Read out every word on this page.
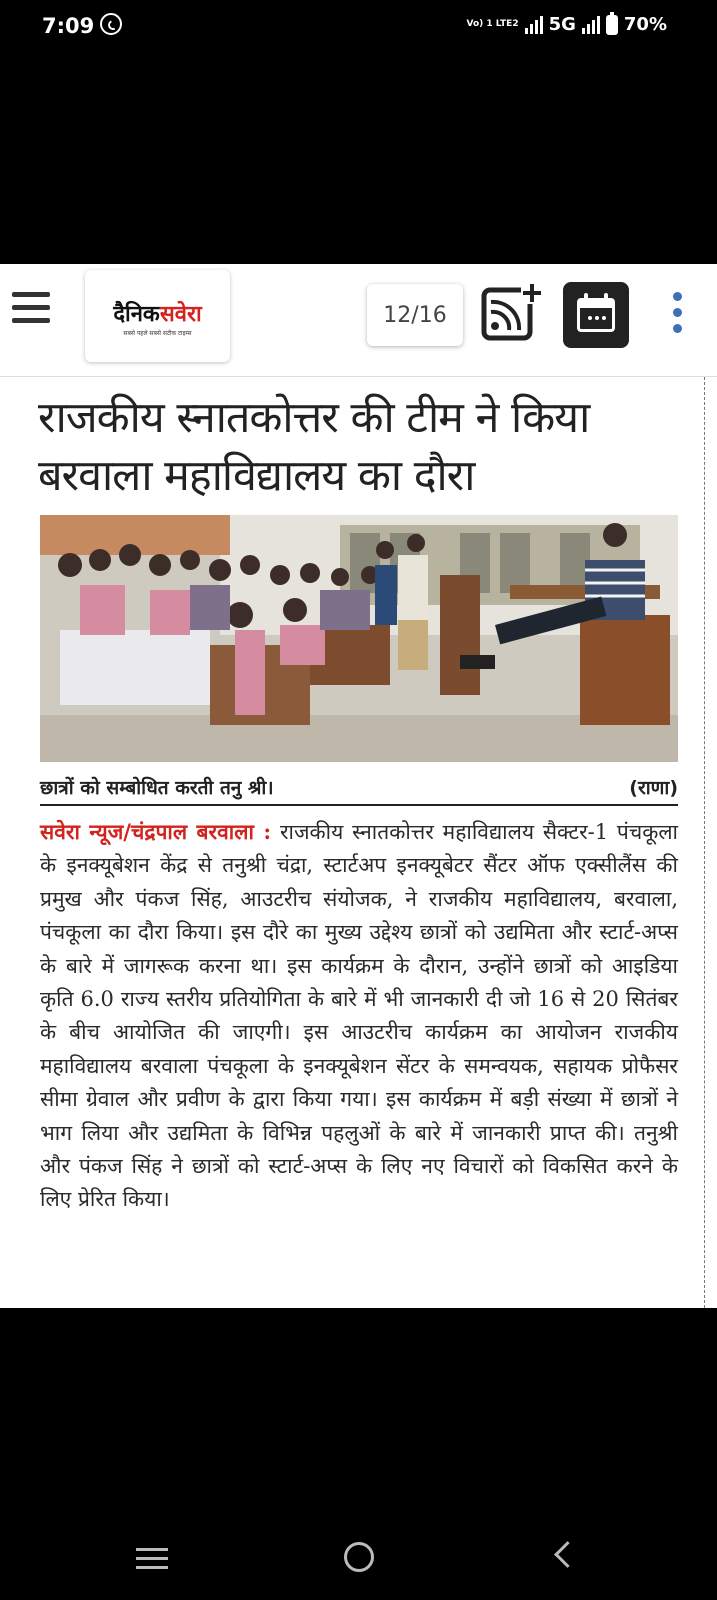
7:09	Vo) 1 LTE2 5G	70%
दैनिकसवेरा
सबसे पहले सबसे सटीक टाइम्स
12/16
राजकीय स्नातकोत्तर की टीम ने किया बरवाला महाविद्यालय का दौरा
छात्रों को सम्बोधित करती तनु श्री।	(राणा)
सवेरा न्यूज/चंद्रपाल बरवाला : राजकीय स्नातकोत्तर महाविद्यालय सैक्टर-1 पंचकूला के इनक्यूबेशन केंद्र से तनुश्री चंद्रा, स्टार्टअप इनक्यूबेटर सैंटर ऑफ एक्सीलैंस की प्रमुख और पंकज सिंह, आउटरीच संयोजक, ने राजकीय महाविद्यालय, बरवाला, पंचकूला का दौरा किया। इस दौरे का मुख्य उद्देश्य छात्रों को उद्यमिता और स्टार्ट-अप्स के बारे में जागरूक करना था। इस कार्यक्रम के दौरान, उन्होंने छात्रों को आइडिया कृति 6.0 राज्य स्तरीय प्रतियोगिता के बारे में भी जानकारी दी जो 16 से 20 सितंबर के बीच आयोजित की जाएगी। इस आउटरीच कार्यक्रम का आयोजन राजकीय महाविद्यालय बरवाला पंचकूला के इनक्यूबेशन सेंटर के समन्वयक, सहायक प्रोफैसर सीमा ग्रेवाल और प्रवीण के द्वारा किया गया। इस कार्यक्रम में बड़ी संख्या में छात्रों ने भाग लिया और उद्यमिता के विभिन्न पहलुओं के बारे में जानकारी प्राप्त की। तनुश्री और पंकज सिंह ने छात्रों को स्टार्ट-अप्स के लिए नए विचारों को विकसित करने के लिए प्रेरित किया।
